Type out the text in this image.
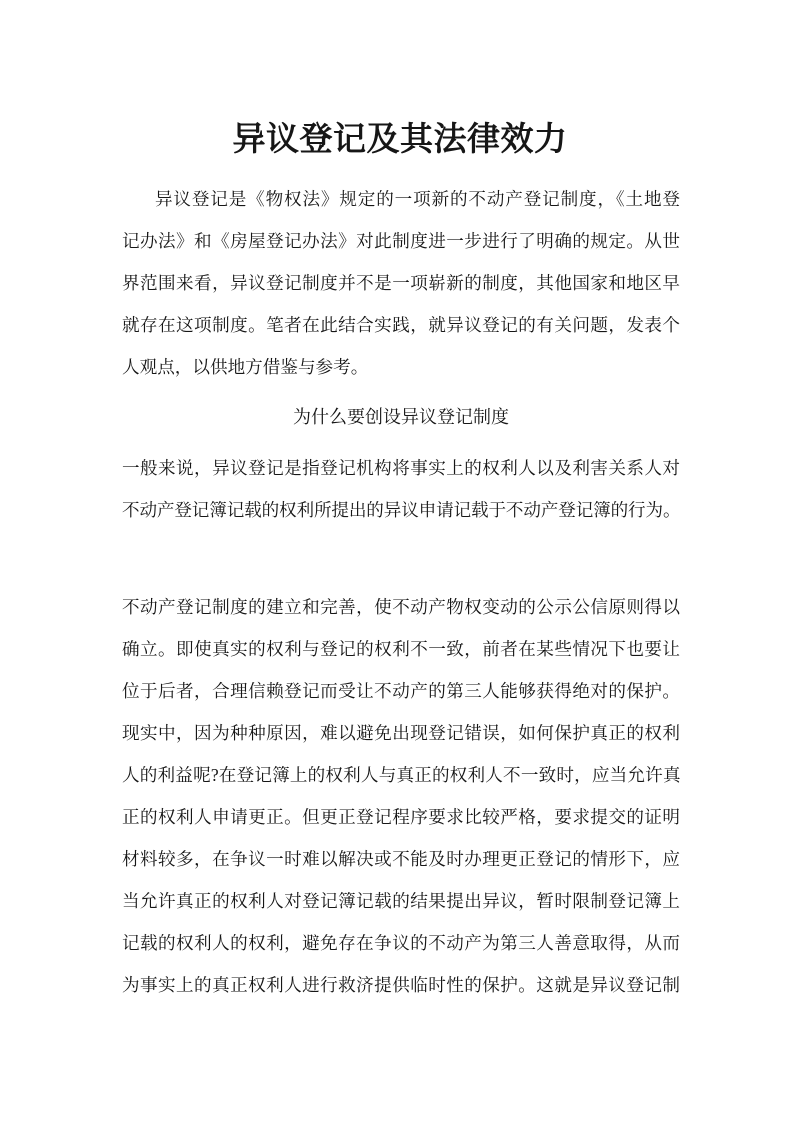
异议登记及其法律效力
异议登记是《物权法》规定的一项新的不动产登记制度，《土地登
记办法》和《房屋登记办法》对此制度进一步进行了明确的规定。从世
界范围来看，异议登记制度并不是一项崭新的制度，其他国家和地区早
就存在这项制度。笔者在此结合实践，就异议登记的有关问题，发表个
人观点，以供地方借鉴与参考。
为什么要创设异议登记制度
一般来说，异议登记是指登记机构将事实上的权利人以及利害关系人对
不动产登记簿记载的权利所提出的异议申请记载于不动产登记簿的行为。
不动产登记制度的建立和完善，使不动产物权变动的公示公信原则得以
确立。即使真实的权利与登记的权利不一致，前者在某些情况下也要让
位于后者，合理信赖登记而受让不动产的第三人能够获得绝对的保护。
现实中，因为种种原因，难以避免出现登记错误，如何保护真正的权利
人的利益呢?在登记簿上的权利人与真正的权利人不一致时，应当允许真
正的权利人申请更正。但更正登记程序要求比较严格，要求提交的证明
材料较多，在争议一时难以解决或不能及时办理更正登记的情形下，应
当允许真正的权利人对登记簿记载的结果提出异议，暂时限制登记簿上
记载的权利人的权利，避免存在争议的不动产为第三人善意取得，从而
为事实上的真正权利人进行救济提供临时性的保护。这就是异议登记制
